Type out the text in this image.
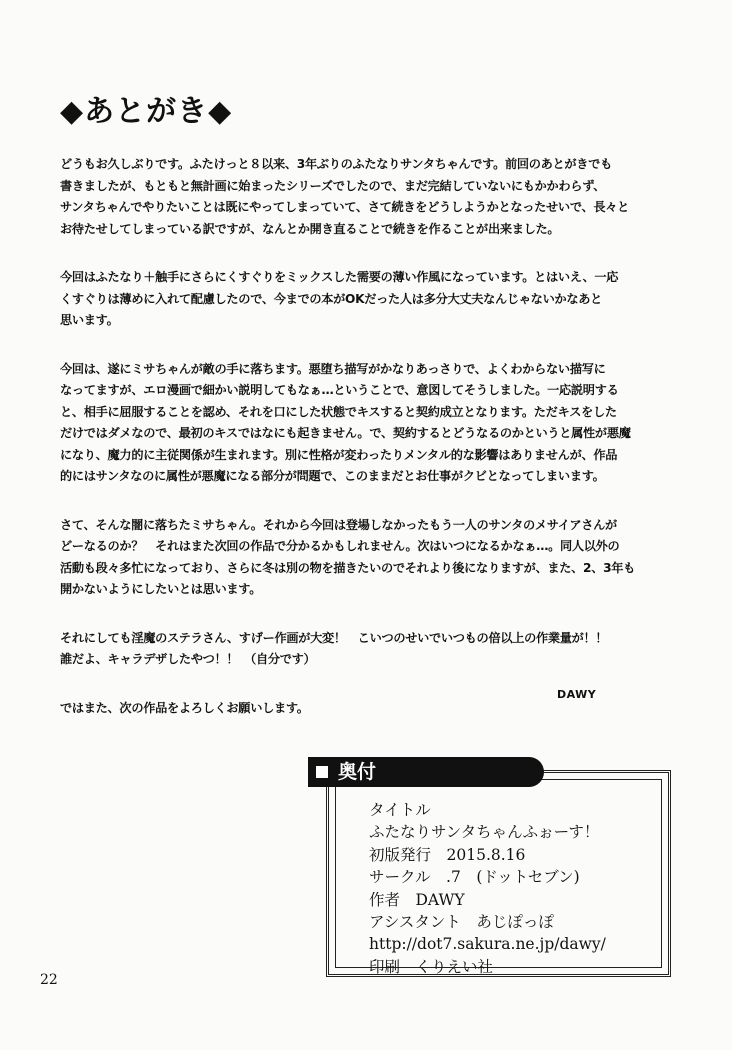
◆あとがき◆

どうもお久しぶりです。ふたけっと８以来、3年ぶりのふたなりサンタちゃんです。前回のあとがきでも
書きましたが、もともと無計画に始まったシリーズでしたので、まだ完結していないにもかかわらず、
サンタちゃんでやりたいことは既にやってしまっていて、さて続きをどうしようかとなったせいで、長々と
お待たせしてしまっている訳ですが、なんとか開き直ることで続きを作ることが出来ました。

今回はふたなり＋触手にさらにくすぐりをミックスした需要の薄い作風になっています。とはいえ、一応
くすぐりは薄めに入れて配慮したので、今までの本がOKだった人は多分大丈夫なんじゃないかなあと
思います。

今回は、遂にミサちゃんが敵の手に落ちます。悪堕ち描写がかなりあっさりで、よくわからない描写に
なってますが、エロ漫画で細かい説明してもなぁ…ということで、意図してそうしました。一応説明する
と、相手に屈服することを認め、それを口にした状態でキスすると契約成立となります。ただキスをした
だけではダメなので、最初のキスではなにも起きません。で、契約するとどうなるのかというと属性が悪魔
になり、魔力的に主従関係が生まれます。別に性格が変わったりメンタル的な影響はありませんが、作品
的にはサンタなのに属性が悪魔になる部分が問題で、このままだとお仕事がクビとなってしまいます。

さて、そんな闇に落ちたミサちゃん。それから今回は登場しなかったもう一人のサンタのメサイアさんが
どーなるのか？　それはまた次回の作品で分かるかもしれません。次はいつになるかなぁ…。同人以外の
活動も段々多忙になっており、さらに冬は別の物を描きたいのでそれより後になりますが、また、2、3年も
開かないようにしたいとは思います。

それにしても淫魔のステラさん、すげー作画が大変！　こいつのせいでいつもの倍以上の作業量が！！
誰だよ、キャラデザしたやつ！！　（自分です）

ではまた、次の作品をよろしくお願いします。

DAWY
奥付
タイトル
ふたなりサンタちゃんふぉーす！
初版発行　2015.8.16
サークル　.7　(ドットセブン)
作者　DAWY
アシスタント　あじぽっぽ
http://dot7.sakura.ne.jp/dawy/
印刷　くりえい社
22
